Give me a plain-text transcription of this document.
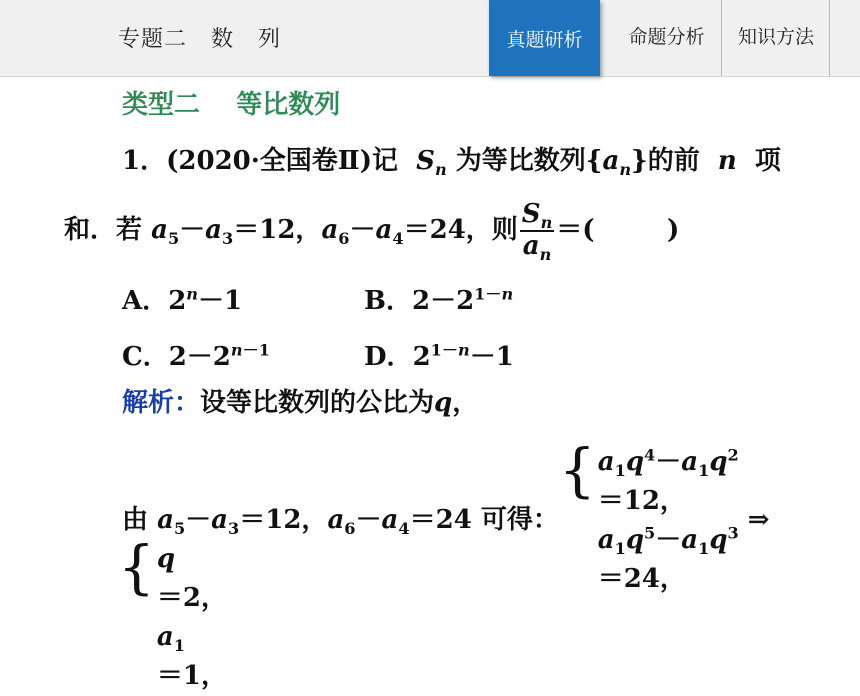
专题二   数   列	真题研析 命题分析 知识方法
类型二    等比数列
1．(2020·全国卷Ⅱ)记 $S_n$ 为等比数列$\{a_n\}$的前 n 项
和．若 $a_5-a_3=12$，$a_6-a_4=24$，则 $\frac{S_n}{a_n}$ ＝(        )
A．$2^n-1$	B．$2-2^{1-n}$
C．$2-2^{n-1}$	D．$2^{1-n}-1$
解析：设等比数列的公比为q，
由 $a_5-a_3=12$，$a_6-a_4=24$ 可得：
{ $a_1q^4-a_1q^2$
＝12，
$a_1q^5-a_1q^3$
＝24，
⇒
{ q
＝2，
$a_1$
＝1，
